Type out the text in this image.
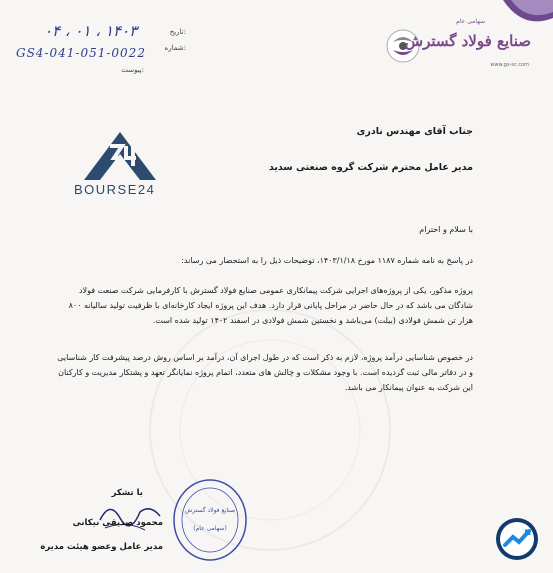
۰۴ ، ۰۱ ، ۱۴۰۳	تاریخ:
GS4-041-051-0022	شماره:
پیوست:
سهامی عام
صنایع فولاد گسترش
www.gs-sc.com
BOURSE24
جناب آقای مهندس نادری
مدیر عامل محترم شرکت گروه صنعتی سدید
با سلام و احترام
در پاسخ به نامه شماره ۱۱۸۷ مورخ ۱۴۰۳/۱/۱۸، توضیحات ذیل را به استحضار می رساند:
پروژه مذکور، یکی از پروژه‌های اجرایی شرکت پیمانکاری عمومی صنایع فولاد گسترش با کارفرمایی شرکت صنعت فولاد شادگان می باشد که در حال حاضر در مراحل پایانی قرار دارد. هدف این پروژه ایجاد کارخانه‌ای با ظرفیت تولید سالیانه ۸۰۰ هزار تن شمش فولادی (بیلت) می‌باشد و نخستین شمش فولادی در اسفند ۱۴۰۲ تولید شده است.
در خصوص شناسایی درآمد پروژه، لازم به ذکر است که در طول اجرای آن، درآمد بر اساس روش درصد پیشرفت کار شناسایی و در دفاتر مالی ثبت گردیده است. با وجود مشکلات و چالش های متعدد، اتمام پروژه نمایانگر تعهد و پشتکار مدیریت و کارکنان این شرکت به عنوان پیمانکار می باشد.
صنایع فولاد گسترش
(سهامی عام)
با تشکر
محمود صدیقی نیکانی
مدیر عامل وعضو هیئت مدیره
